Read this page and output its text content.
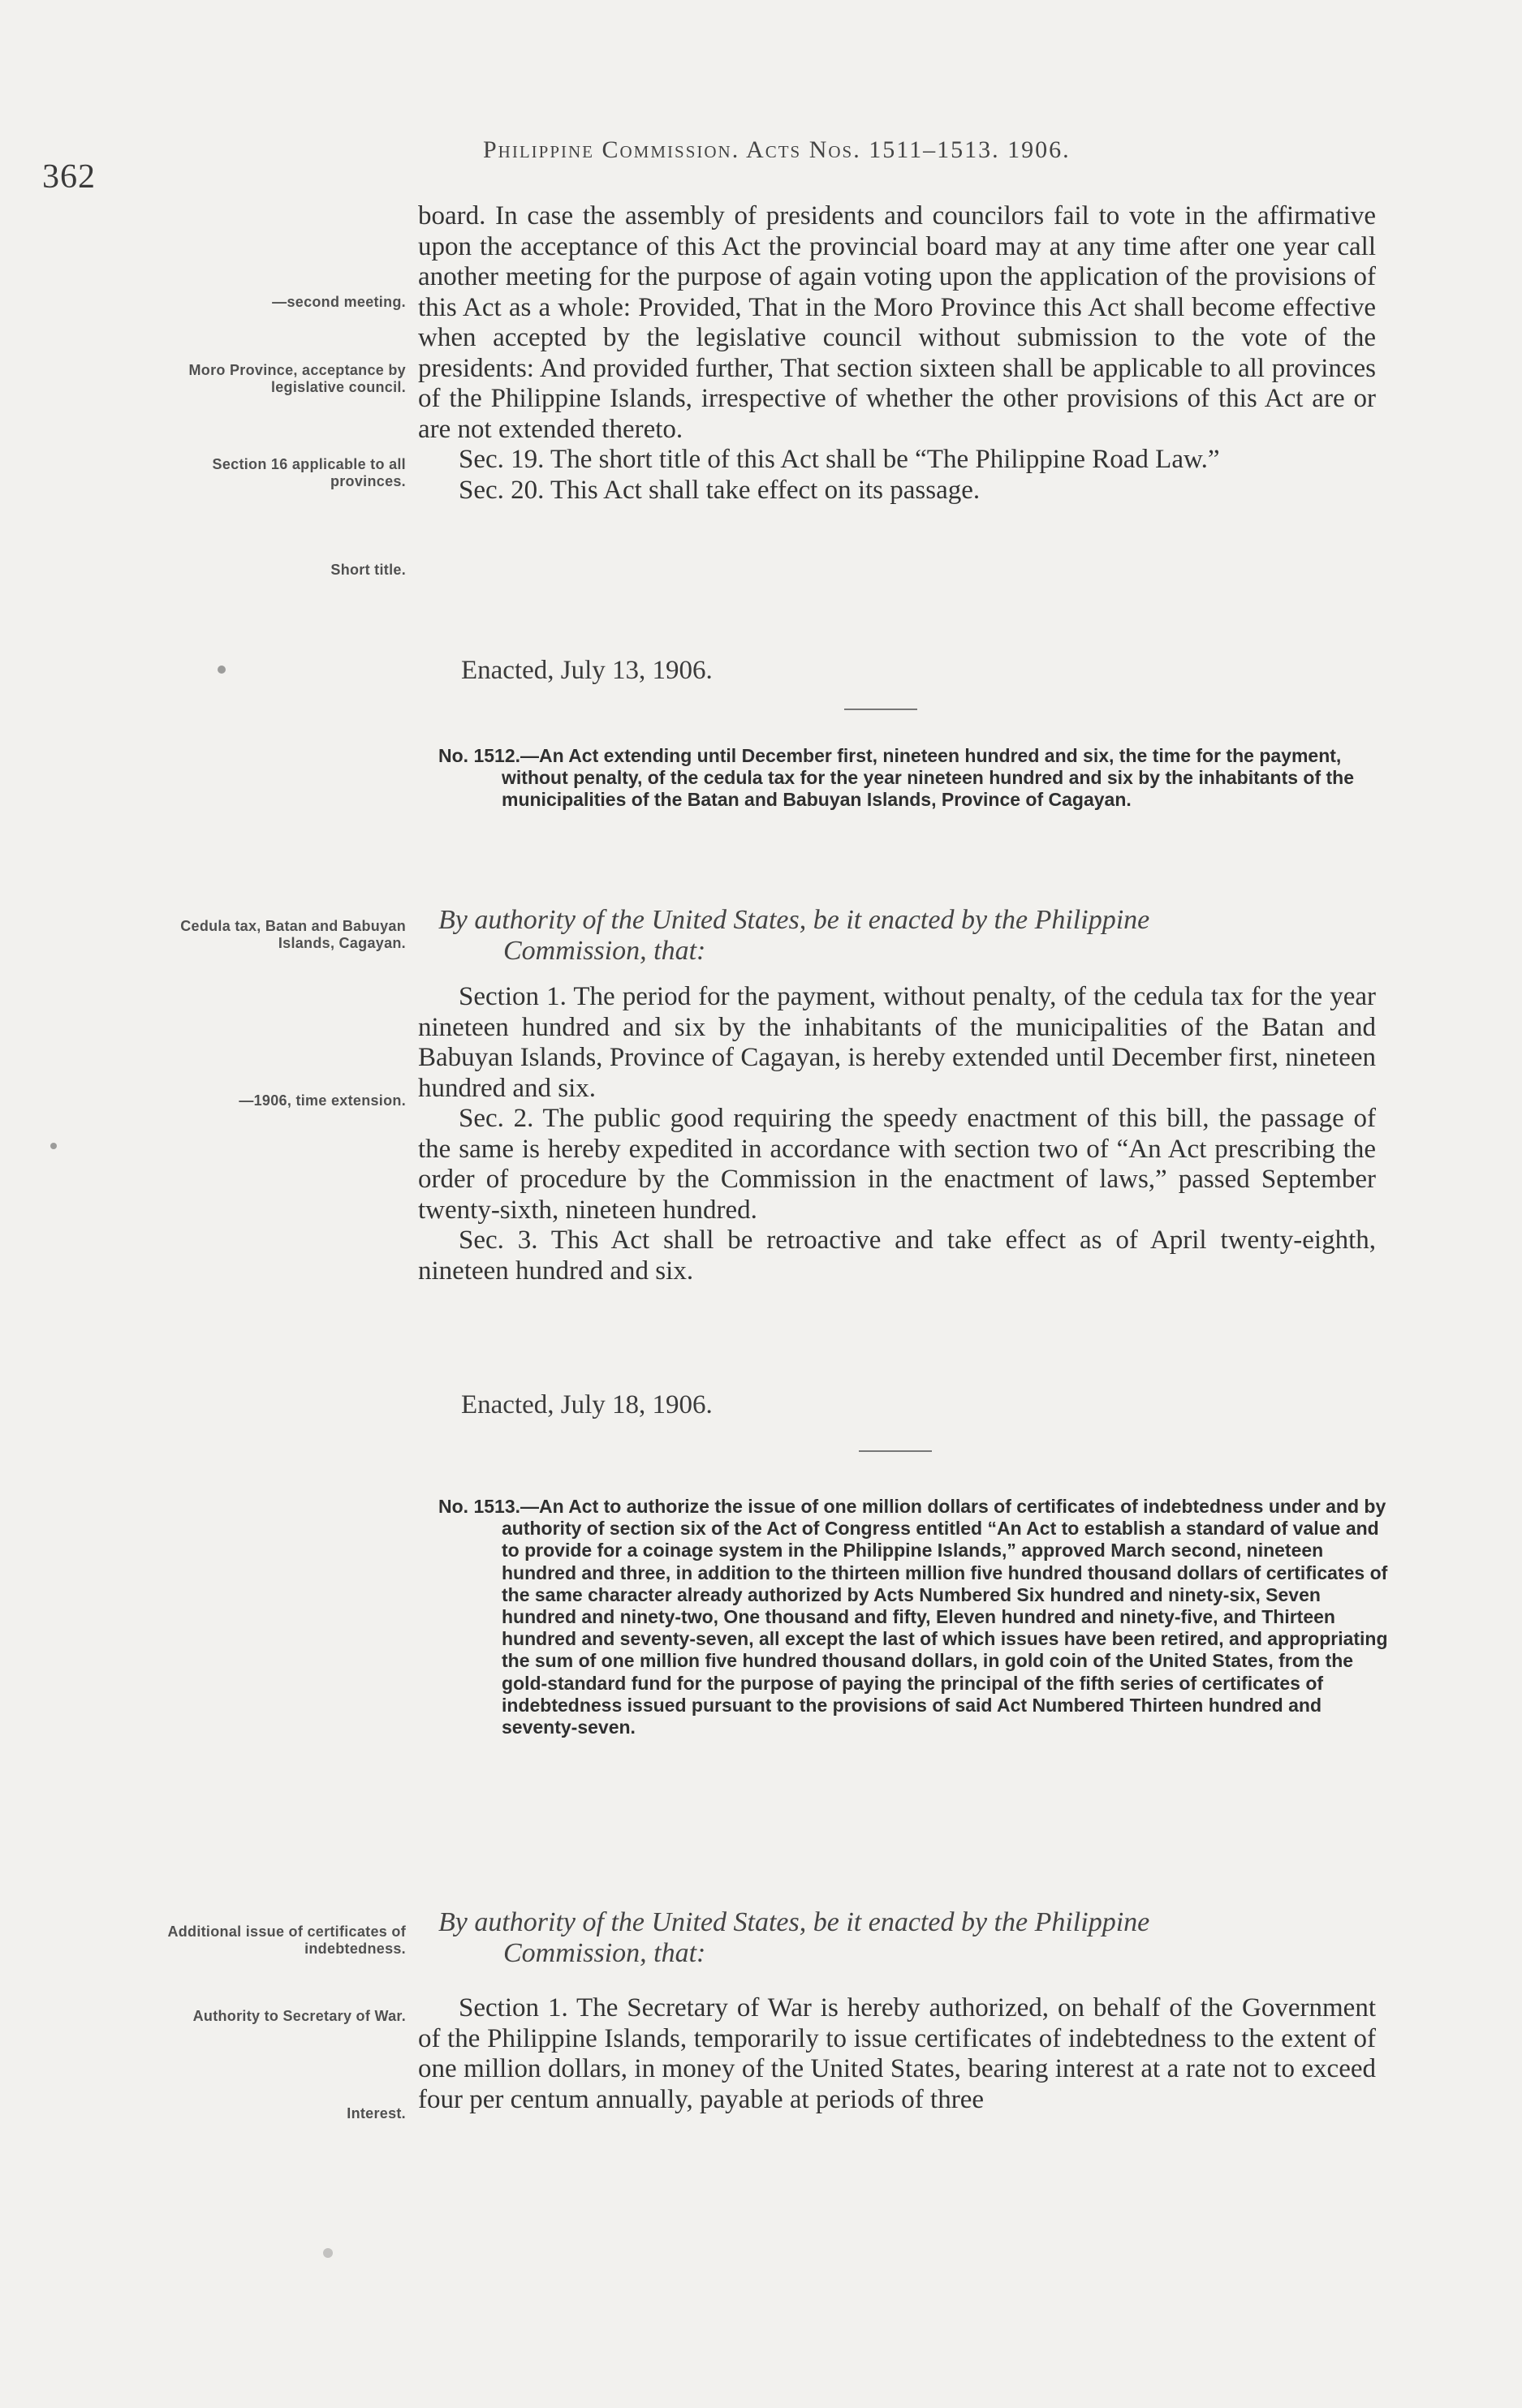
362
Philippine Commission. Acts Nos. 1511–1513. 1906.

board. In case the assembly of presidents and councilors fail to vote in the affirmative upon the acceptance of this Act the provincial board may at any time after one year call another meeting for the purpose of again voting upon the application of the provisions of this Act as a whole: Provided, That in the Moro Province this Act shall become effective when accepted by the legislative council without submission to the vote of the presidents: And provided further, That section sixteen shall be applicable to all provinces of the Philippine Islands, irrespective of whether the other provisions of this Act are or are not extended thereto.

Sec. 19. The short title of this Act shall be “The Philippine Road Law.”

Sec. 20. This Act shall take effect on its passage.

Enacted, July 13, 1906.
—second meeting.
Moro Province, acceptance by legislative council.
Section 16 applicable to all provinces.
Short title.
No. 1512.—An Act extending until December first, nineteen hundred and six, the time for the payment, without penalty, of the cedula tax for the year nineteen hundred and six by the inhabitants of the municipalities of the Batan and Babuyan Islands, Province of Cagayan.
By authority of the United States, be it enacted by the Philippine
Commission, that:
Cedula tax, Batan and Babuyan Islands, Cagayan.

Section 1. The period for the payment, without penalty, of the cedula tax for the year nineteen hundred and six by the inhabitants of the municipalities of the Batan and Babuyan Islands, Province of Cagayan, is hereby extended until December first, nineteen hundred and six.

Sec. 2. The public good requiring the speedy enactment of this bill, the passage of the same is hereby expedited in accordance with section two of “An Act prescribing the order of procedure by the Commission in the enactment of laws,” passed September twenty-sixth, nineteen hundred.

Sec. 3. This Act shall be retroactive and take effect as of April twenty-eighth, nineteen hundred and six.

—1906, time extension.
Enacted, July 18, 1906.
No. 1513.—An Act to authorize the issue of one million dollars of certificates of indebtedness under and by authority of section six of the Act of Congress entitled “An Act to establish a standard of value and to provide for a coinage system in the Philippine Islands,” approved March second, nineteen hundred and three, in addition to the thirteen million five hundred thousand dollars of certificates of the same character already authorized by Acts Numbered Six hundred and ninety-six, Seven hundred and ninety-two, One thousand and fifty, Eleven hundred and ninety-five, and Thirteen hundred and seventy-seven, all except the last of which issues have been retired, and appropriating the sum of one million five hundred thousand dollars, in gold coin of the United States, from the gold-standard fund for the purpose of paying the principal of the fifth series of certificates of indebtedness issued pursuant to the provisions of said Act Numbered Thirteen hundred and seventy-seven.
By authority of the United States, be it enacted by the Philippine
Commission, that:
Additional issue of certificates of indebtedness.

Section 1. The Secretary of War is hereby authorized, on behalf of the Government of the Philippine Islands, temporarily to issue certificates of indebtedness to the extent of one million dollars, in money of the United States, bearing interest at a rate not to exceed four per centum annually, payable at periods of three

Authority to Secretary of War.
Interest.
